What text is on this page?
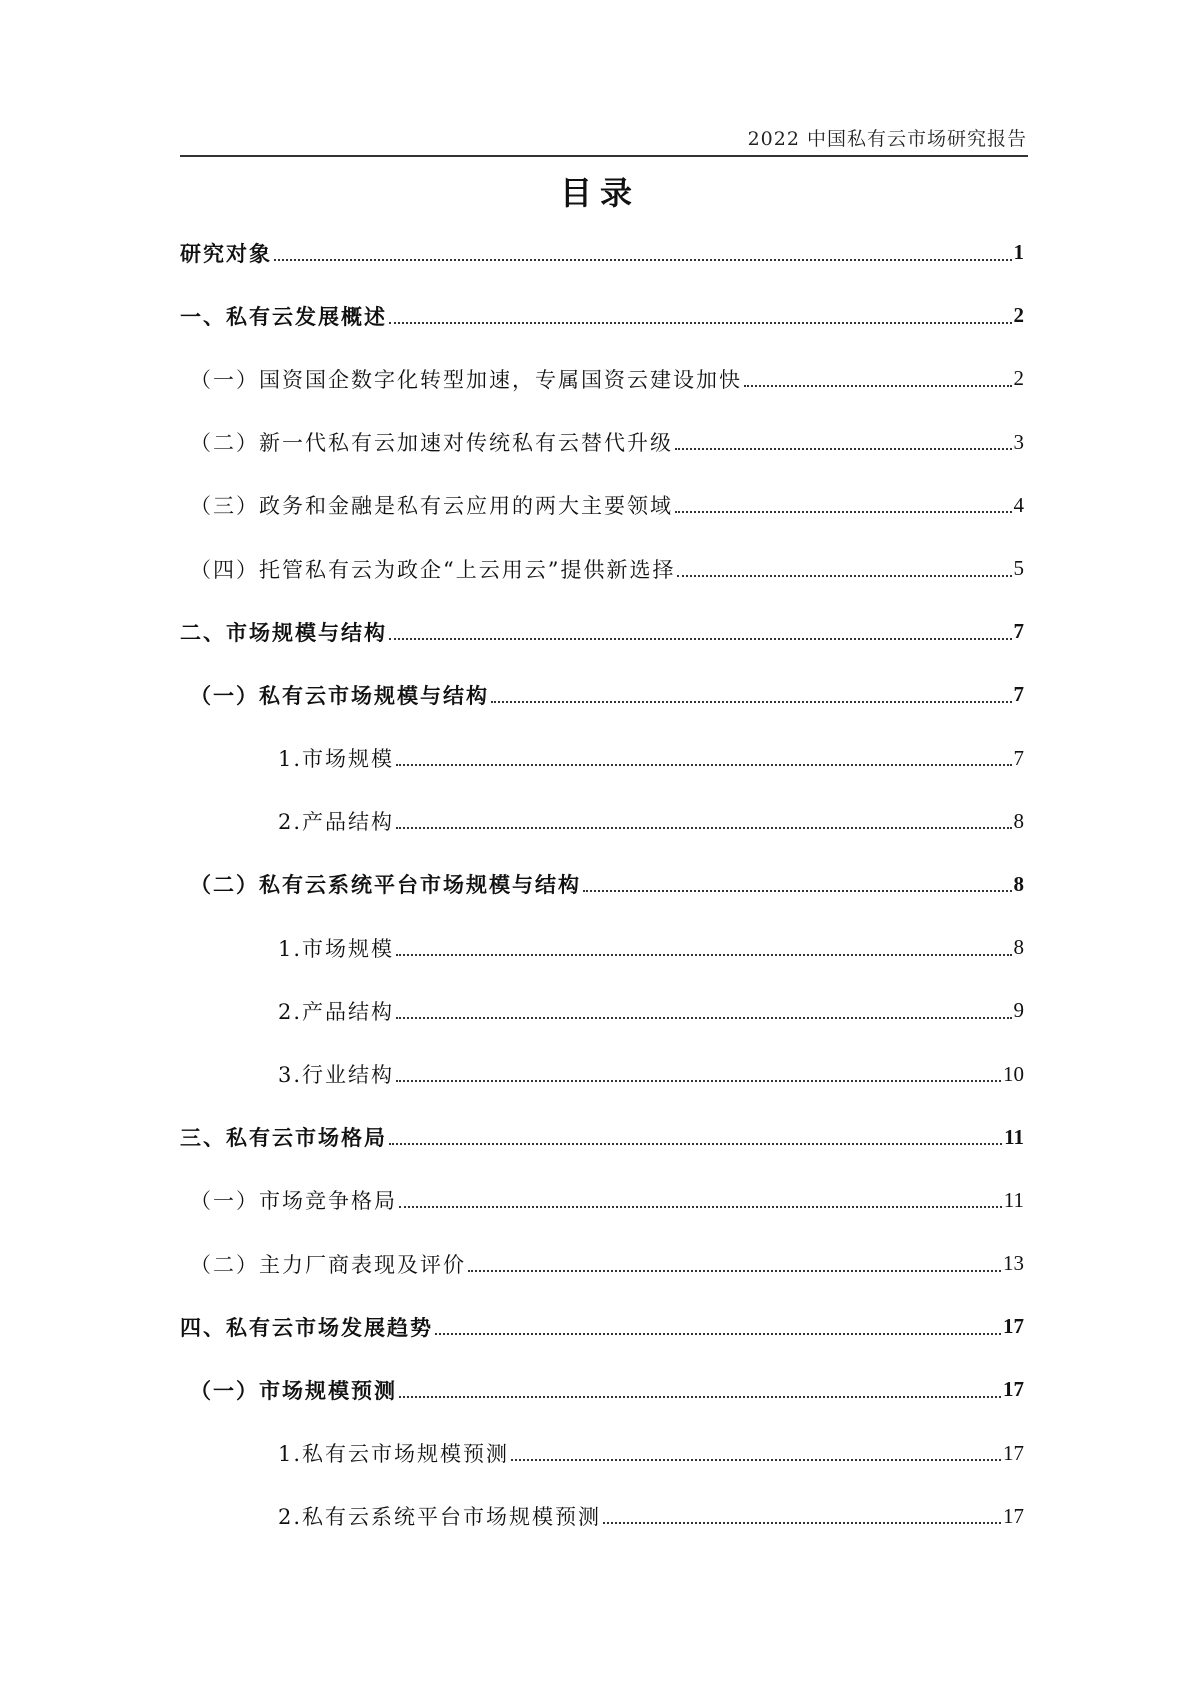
2022 中国私有云市场研究报告
目录
研究对象	1
一、私有云发展概述	2
（一）国资国企数字化转型加速，专属国资云建设加快	2
（二）新一代私有云加速对传统私有云替代升级	3
（三）政务和金融是私有云应用的两大主要领域	4
（四）托管私有云为政企“上云用云”提供新选择	5
二、市场规模与结构	7
（一）私有云市场规模与结构	7
1.市场规模	7
2.产品结构	8
（二）私有云系统平台市场规模与结构	8
1.市场规模	8
2.产品结构	9
3.行业结构	10
三、私有云市场格局	11
（一）市场竞争格局	11
（二）主力厂商表现及评价	13
四、私有云市场发展趋势	17
（一）市场规模预测	17
1.私有云市场规模预测	17
2.私有云系统平台市场规模预测	17
